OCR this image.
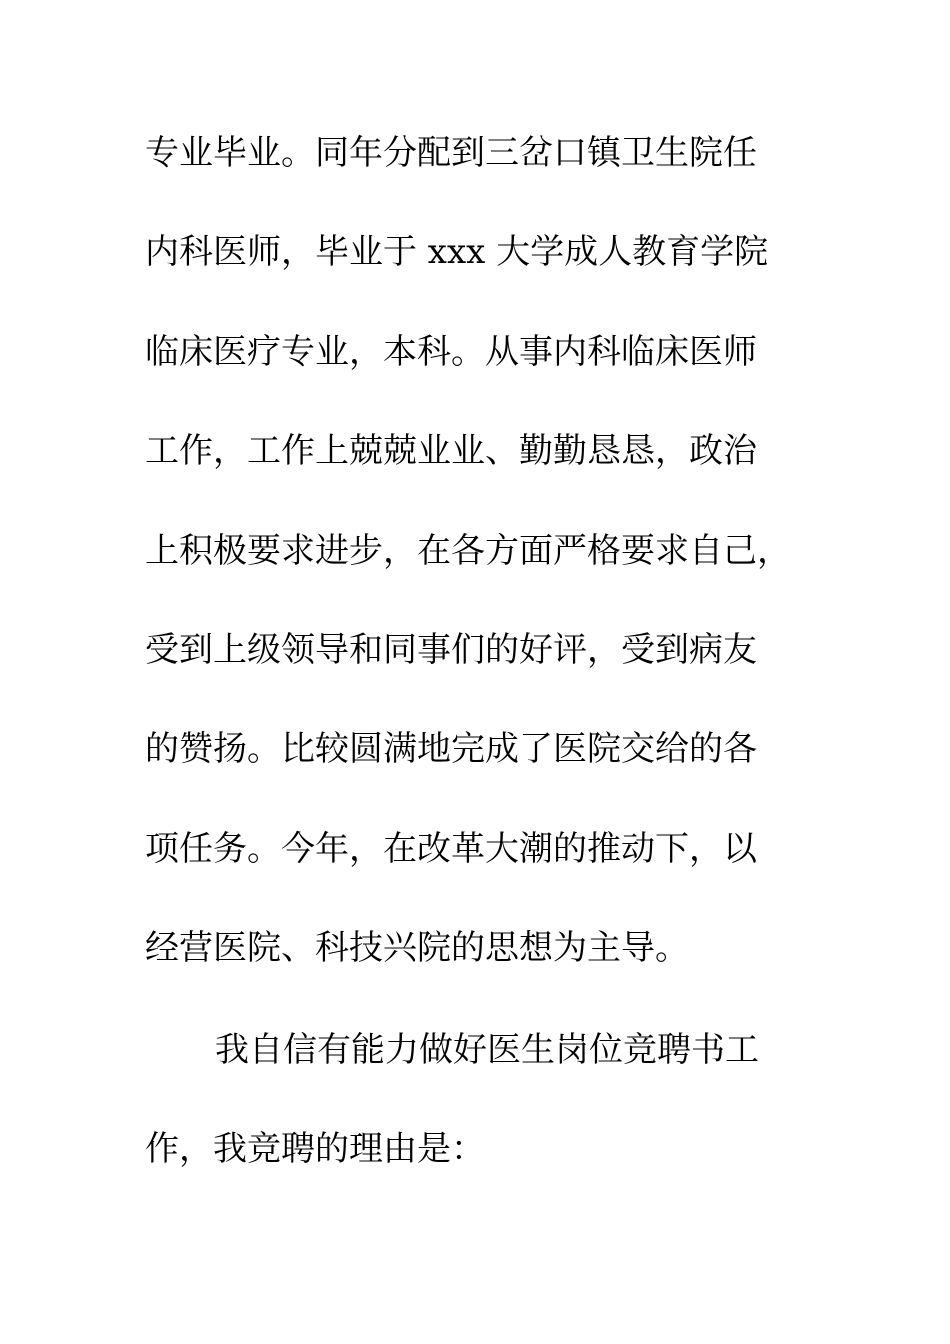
专业毕业。同年分配到三岔口镇卫生院任
内科医师，毕业于 xxx 大学成人教育学院
临床医疗专业，本科。从事内科临床医师
工作，工作上兢兢业业、勤勤恳恳，政治
上积极要求进步，在各方面严格要求自己，
受到上级领导和同事们的好评，受到病友
的赞扬。比较圆满地完成了医院交给的各
项任务。今年，在改革大潮的推动下，以
经营医院、科技兴院的思想为主导。
我自信有能力做好医生岗位竞聘书工
作，我竞聘的理由是：
